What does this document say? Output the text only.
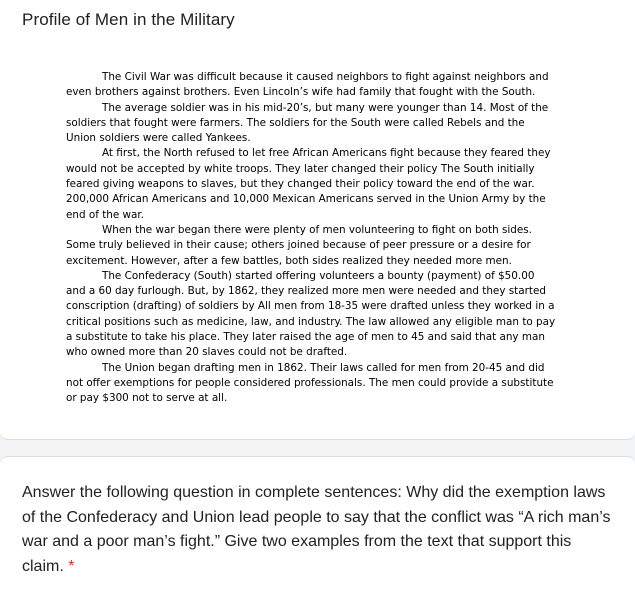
Profile of Men in the Military

The Civil War was difficult because it caused neighbors to fight against neighbors and even brothers against brothers. Even Lincoln’s wife had family that fought with the South.

The average soldier was in his mid-20’s, but many were younger than 14. Most of the soldiers that fought were farmers. The soldiers for the South were called Rebels and the Union soldiers were called Yankees.

At first, the North refused to let free African Americans fight because they feared they would not be accepted by white troops. They later changed their policy The South initially feared giving weapons to slaves, but they changed their policy toward the end of the war. 200,000 African Americans and 10,000 Mexican Americans served in the Union Army by the end of the war.

When the war began there were plenty of men volunteering to fight on both sides. Some truly believed in their cause; others joined because of peer pressure or a desire for excitement. However, after a few battles, both sides realized they needed more men.

The Confederacy (South) started offering volunteers a bounty (payment) of $50.00 and a 60 day furlough. But, by 1862, they realized more men were needed and they started conscription (drafting) of soldiers by All men from 18-35 were drafted unless they worked in a critical positions such as medicine, law, and industry. The law allowed any eligible man to pay a substitute to take his place. They later raised the age of men to 45 and said that any man who owned more than 20 slaves could not be drafted.

The Union began drafting men in 1862. Their laws called for men from 20-45 and did not offer exemptions for people considered professionals. The men could provide a substitute or pay $300 not to serve at all.

Answer the following question in complete sentences: Why did the exemption laws of the Confederacy and Union lead people to say that the conflict was “A rich man’s war and a poor man’s fight.” Give two examples from the text that support this claim. *
